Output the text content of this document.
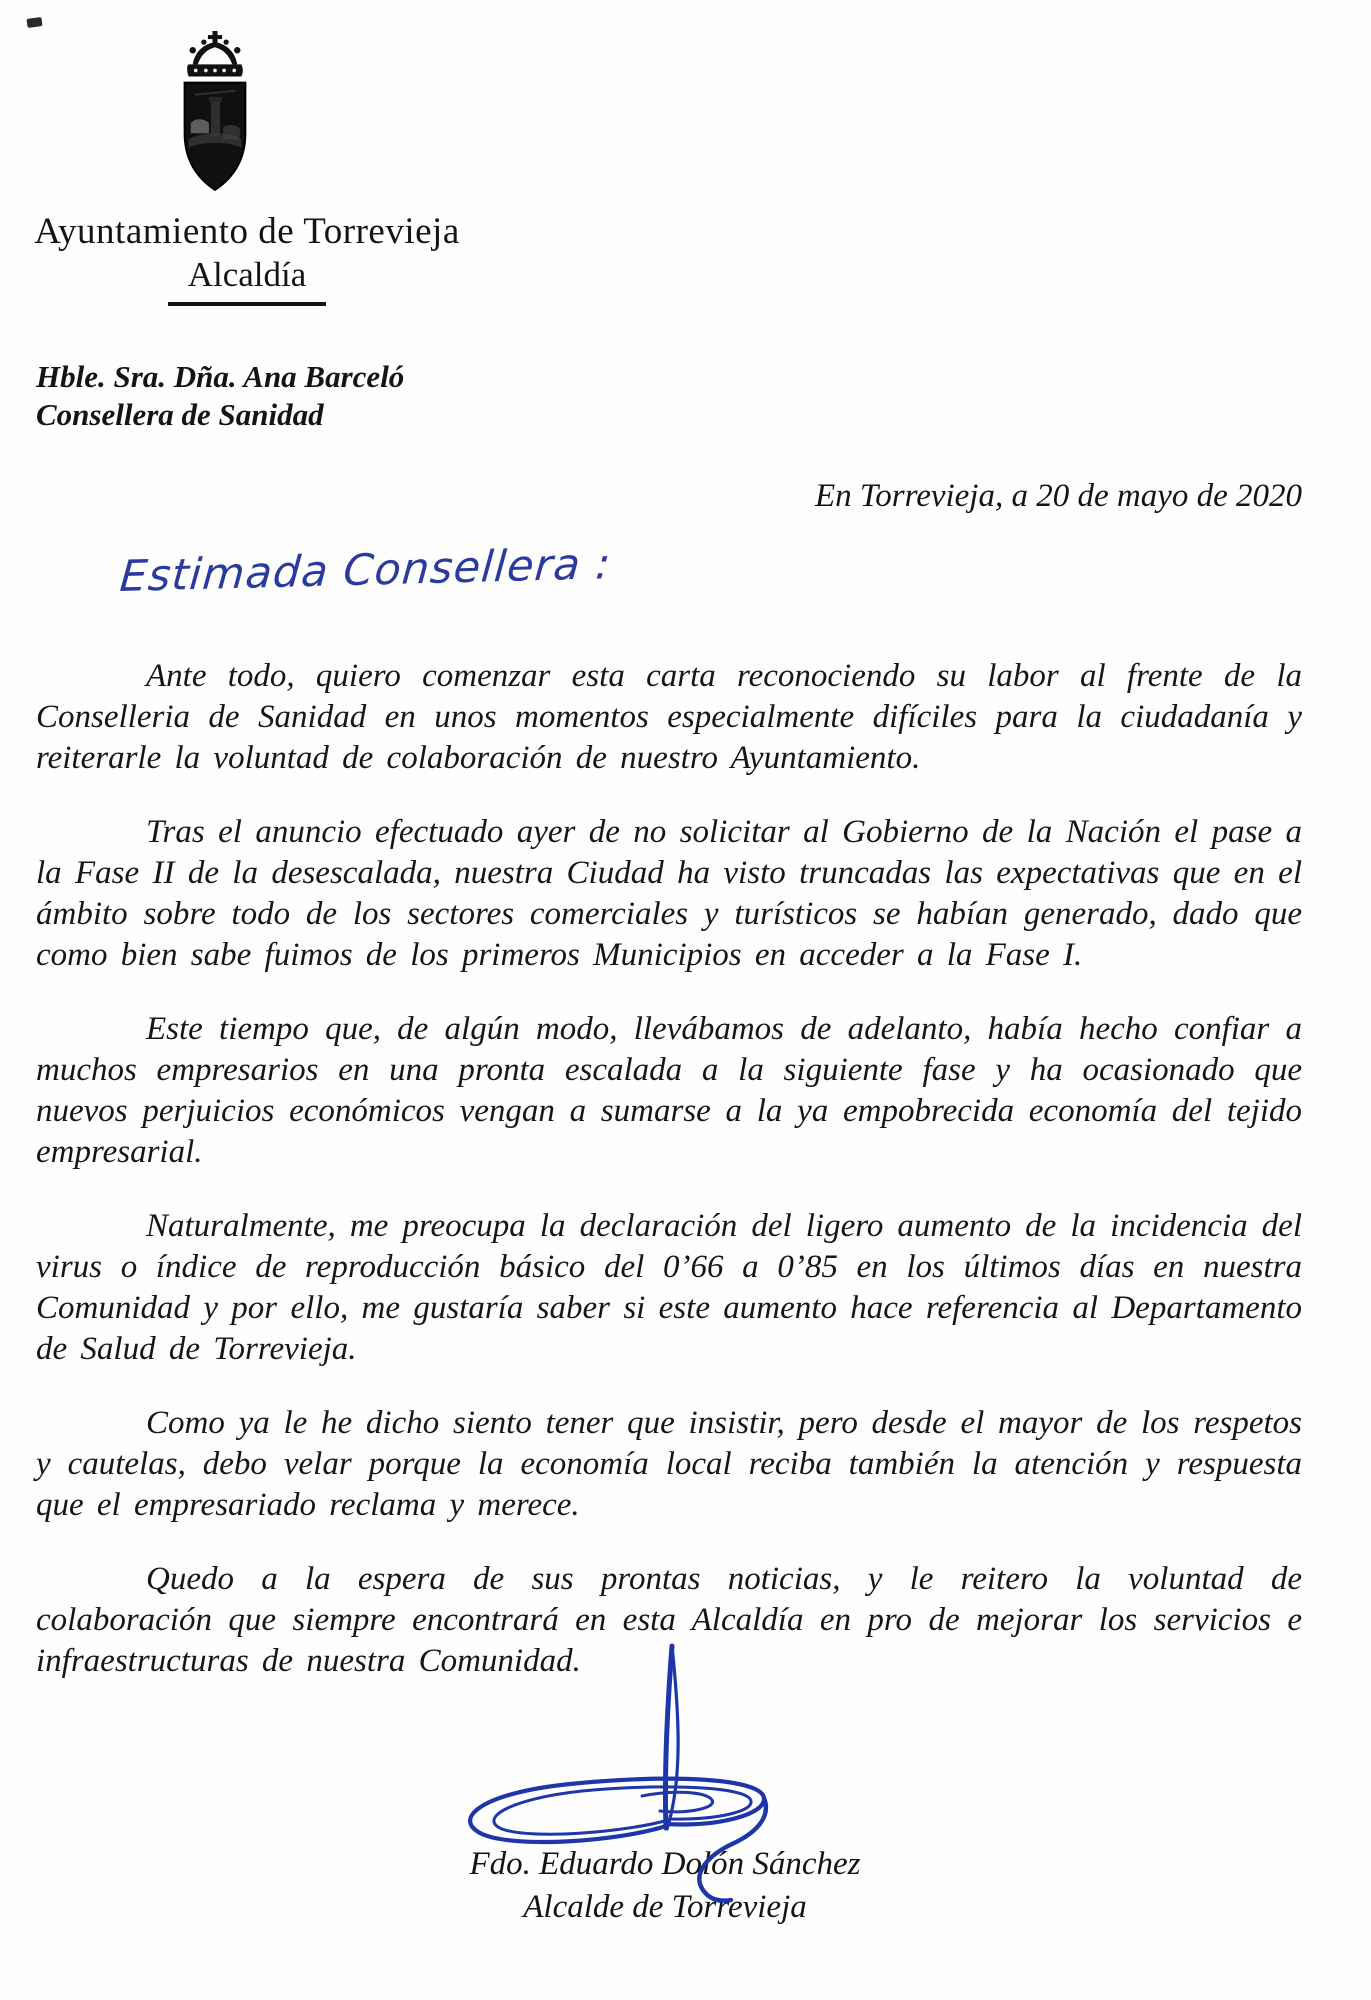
Ayuntamiento de Torrevieja
Alcaldía
Hble. Sra. Dña. Ana Barceló
Consellera de Sanidad
En Torrevieja, a 20 de mayo de 2020
Estimada Consellera :

Ante todo, quiero comenzar esta carta reconociendo su labor al frente de la Conselleria de Sanidad en unos momentos especialmente difíciles para la ciudadanía y reiterarle la voluntad de colaboración de nuestro Ayuntamiento.

Tras el anuncio efectuado ayer de no solicitar al Gobierno de la Nación el pase a la Fase II de la desescalada, nuestra Ciudad ha visto truncadas las expectativas que en el ámbito sobre todo de los sectores comerciales y turísticos se habían generado, dado que como bien sabe fuimos de los primeros Municipios en acceder a la Fase I.

Este tiempo que, de algún modo, llevábamos de adelanto, había hecho confiar a muchos empresarios en una pronta escalada a la siguiente fase y ha ocasionado que nuevos perjuicios económicos vengan a sumarse a la ya empobrecida economía del tejido empresarial.

Naturalmente, me preocupa la declaración del ligero aumento de la incidencia del virus o índice de reproducción básico del 0’66 a 0’85 en los últimos días en nuestra Comunidad y por ello, me gustaría saber si este aumento hace referencia al Departamento de Salud de Torrevieja.

Como ya le he dicho siento tener que insistir, pero desde el mayor de los respetos y cautelas, debo velar porque la economía local reciba también la atención y respuesta que el empresariado reclama y merece.

Quedo a la espera de sus prontas noticias, y le reitero la voluntad de colaboración que siempre encontrará en esta Alcaldía en pro de mejorar los servicios e infraestructuras de nuestra Comunidad.

Fdo. Eduardo Dolón Sánchez
Alcalde de Torrevieja
